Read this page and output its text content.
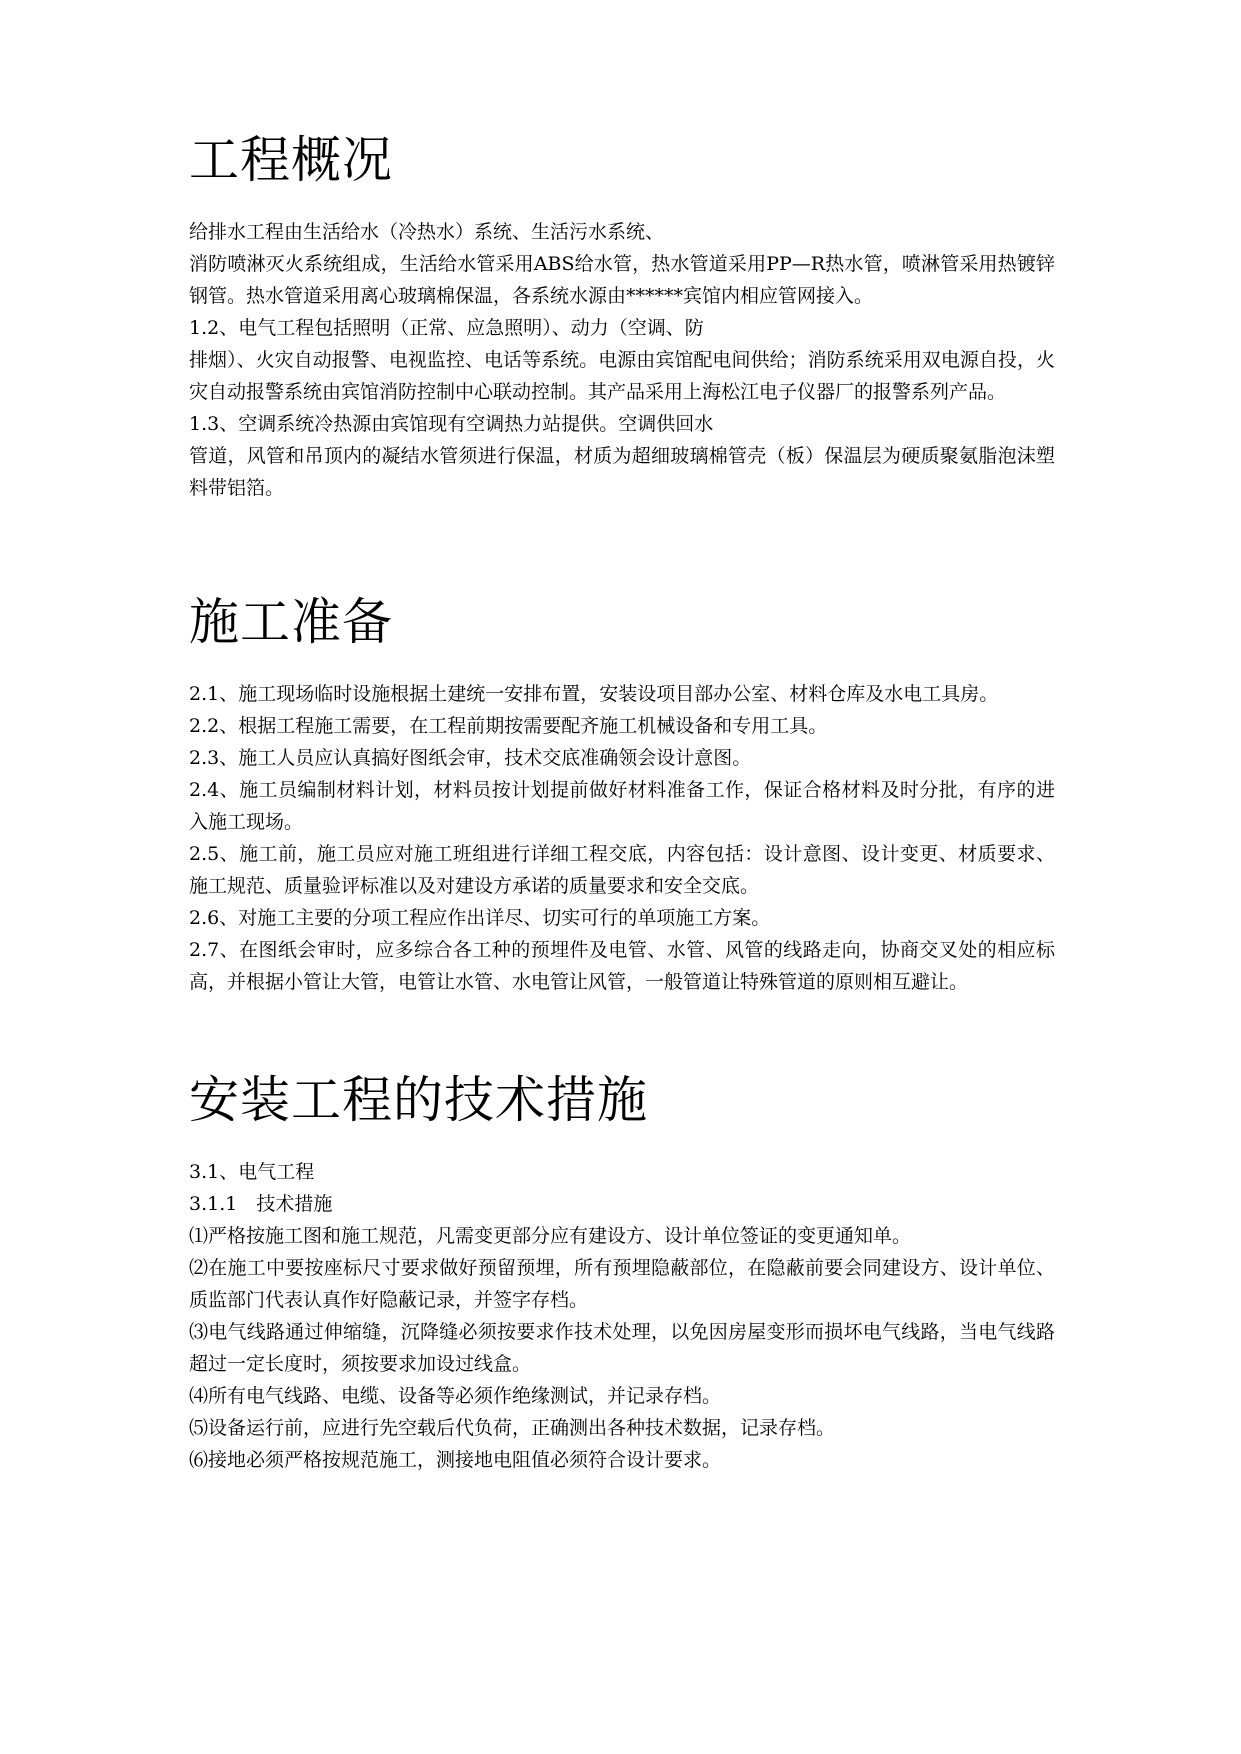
工程概况

给排水工程由生活给水（冷热水）系统、生活污水系统、

消防喷淋灭火系统组成，生活给水管采用ABS给水管，热水管道采用PP—R热水管，喷淋管采用热镀锌钢管。热水管道采用离心玻璃棉保温，各系统水源由******宾馆内相应管网接入。

1.2、电气工程包括照明（正常、应急照明）、动力（空调、防

排烟）、火灾自动报警、电视监控、电话等系统。电源由宾馆配电间供给；消防系统采用双电源自投，火灾自动报警系统由宾馆消防控制中心联动控制。其产品采用上海松江电子仪器厂的报警系列产品。

1.3、空调系统冷热源由宾馆现有空调热力站提供。空调供回水

管道，风管和吊顶内的凝结水管须进行保温，材质为超细玻璃棉管壳（板）保温层为硬质聚氨脂泡沫塑料带铝箔。

施工准备

2.1、施工现场临时设施根据土建统一安排布置，安装设项目部办公室、材料仓库及水电工具房。

2.2、根据工程施工需要，在工程前期按需要配齐施工机械设备和专用工具。

2.3、施工人员应认真搞好图纸会审，技术交底准确领会设计意图。

2.4、施工员编制材料计划，材料员按计划提前做好材料准备工作，保证合格材料及时分批，有序的进入施工现场。

2.5、施工前，施工员应对施工班组进行详细工程交底，内容包括：设计意图、设计变更、材质要求、施工规范、质量验评标准以及对建设方承诺的质量要求和安全交底。

2.6、对施工主要的分项工程应作出详尽、切实可行的单项施工方案。

2.7、在图纸会审时，应多综合各工种的预埋件及电管、水管、风管的线路走向，协商交叉处的相应标高，并根据小管让大管，电管让水管、水电管让风管，一般管道让特殊管道的原则相互避让。

安装工程的技术措施

3.1、电气工程

3.1.1　技术措施

⑴严格按施工图和施工规范，凡需变更部分应有建设方、设计单位签证的变更通知单。

⑵在施工中要按座标尺寸要求做好预留预埋，所有预埋隐蔽部位，在隐蔽前要会同建设方、设计单位、质监部门代表认真作好隐蔽记录，并签字存档。

⑶电气线路通过伸缩缝，沉降缝必须按要求作技术处理，以免因房屋变形而损坏电气线路，当电气线路超过一定长度时，须按要求加设过线盒。

⑷所有电气线路、电缆、设备等必须作绝缘测试，并记录存档。

⑸设备运行前，应进行先空载后代负荷，正确测出各种技术数据，记录存档。

⑹接地必须严格按规范施工，测接地电阻值必须符合设计要求。
